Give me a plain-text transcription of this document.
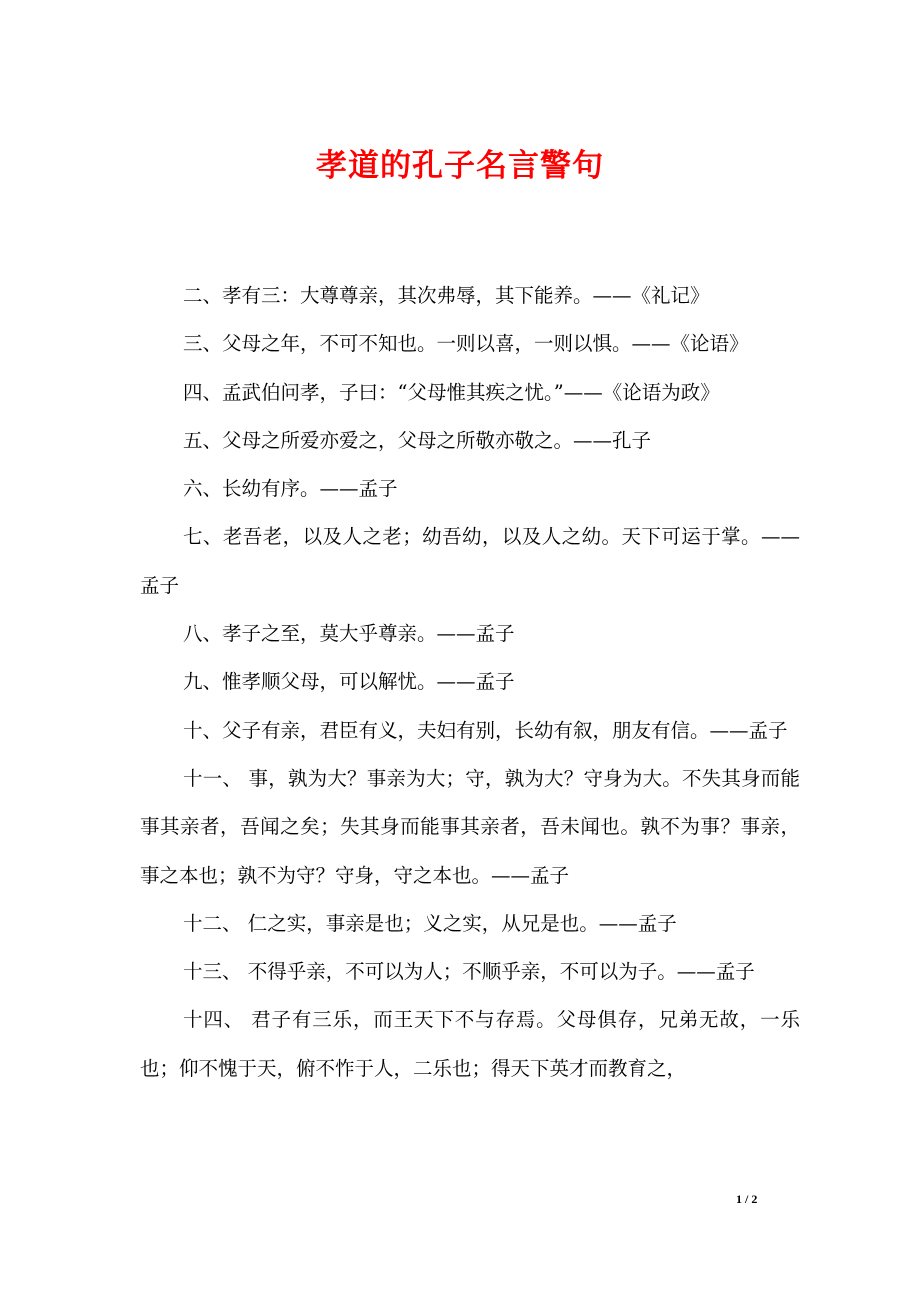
孝道的孔子名言警句

二、孝有三：大尊尊亲，其次弗辱，其下能养。——《礼记》

三、父母之年，不可不知也。一则以喜，一则以惧。——《论语》

四、孟武伯问孝，子曰：“父母惟其疾之忧。”——《论语为政》

五、父母之所爱亦爱之，父母之所敬亦敬之。——孔子

六、长幼有序。——孟子

七、老吾老，以及人之老；幼吾幼，以及人之幼。天下可运于掌。——孟子

八、孝子之至，莫大乎尊亲。——孟子

九、惟孝顺父母，可以解忧。——孟子

十、父子有亲，君臣有义，夫妇有别，长幼有叙，朋友有信。——孟子

十一、 事，孰为大？事亲为大；守，孰为大？守身为大。不失其身而能事其亲者，吾闻之矣；失其身而能事其亲者，吾未闻也。孰不为事？事亲，事之本也；孰不为守？守身，守之本也。——孟子

十二、 仁之实，事亲是也；义之实，从兄是也。——孟子

十三、 不得乎亲，不可以为人；不顺乎亲，不可以为子。——孟子

十四、 君子有三乐，而王天下不与存焉。父母俱存，兄弟无故，一乐也；仰不愧于天，俯不怍于人，二乐也；得天下英才而教育之，

1 / 2
